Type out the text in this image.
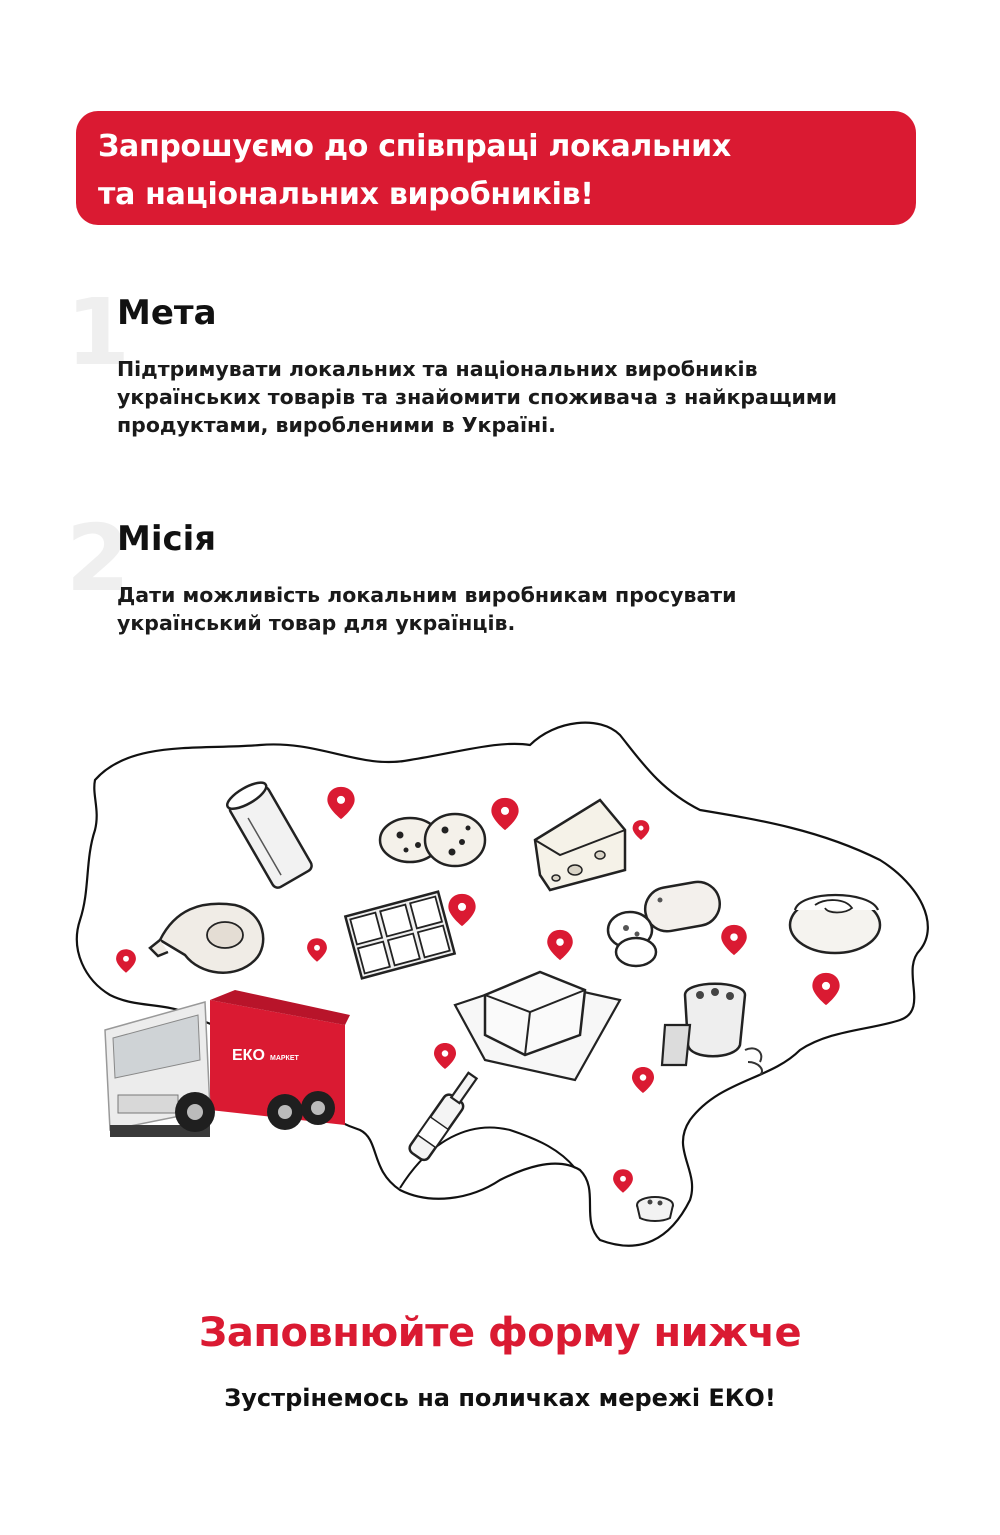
Запрошуємо до співпраці локальних
та національних виробників!
1
Мета
Підтримувати локальних та національних виробників
українських товарів та знайомити споживача з найкращими
продуктами, виробленими в Україні.
2
Місія
Дати можливість локальним виробникам просувати
український товар для українців.
ЕКО МАРКЕТ
Заповнюйте форму нижче
Зустрінемось на поличках мережі ЕКО!
